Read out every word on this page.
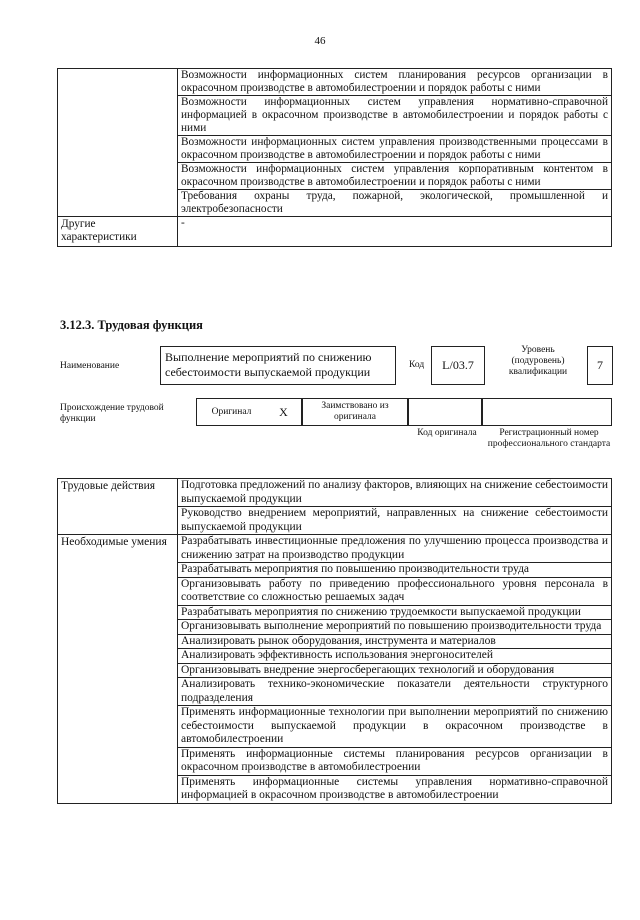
46
	Возможности информационных систем планирования ресурсов организации в окрасочном производстве в автомобилестроении и порядок работы с ними
	Возможности информационных систем управления нормативно-справочной информацией в окрасочном производстве в автомобилестроении и порядок работы с ними
	Возможности информационных систем управления производственными процессами в окрасочном производстве в автомобилестроении и порядок работы с ними
	Возможности информационных систем управления корпоративным контентом в окрасочном производстве в автомобилестроении и порядок работы с ними
	Требования охраны труда, пожарной, экологической, промышленной и электробезопасности
Другие характеристики	-
3.12.3. Трудовая функция
Наименование
Выполнение мероприятий по снижению себестоимости выпускаемой продукции	Код	L/03.7
Уровень (подуровень) квалификации	7
Происхождение трудовой функции
Оригинал	X	Заимствовано из оригинала
Код оригинала	Регистрационный номер профессионального стандарта
Трудовые действия	Подготовка предложений по анализу факторов, влияющих на снижение себестоимости выпускаемой продукции
	Руководство внедрением мероприятий, направленных на снижение себестоимости выпускаемой продукции
Необходимые умения	Разрабатывать инвестиционные предложения по улучшению процесса производства и снижению затрат на производство продукции
	Разрабатывать мероприятия по повышению производительности труда
	Организовывать работу по приведению профессионального уровня персонала в соответствие со сложностью решаемых задач
	Разрабатывать мероприятия по снижению трудоемкости выпускаемой продукции
	Организовывать выполнение мероприятий по повышению производительности труда
	Анализировать рынок оборудования, инструмента и материалов
	Анализировать эффективность использования энергоносителей
	Организовывать внедрение энергосберегающих технологий и оборудования
	Анализировать технико-экономические показатели деятельности структурного подразделения
	Применять информационные технологии при выполнении мероприятий по снижению себестоимости выпускаемой продукции в окрасочном производстве в автомобилестроении
	Применять информационные системы планирования ресурсов организации в окрасочном производстве в автомобилестроении
	Применять информационные системы управления нормативно-справочной информацией в окрасочном производстве в автомобилестроении
